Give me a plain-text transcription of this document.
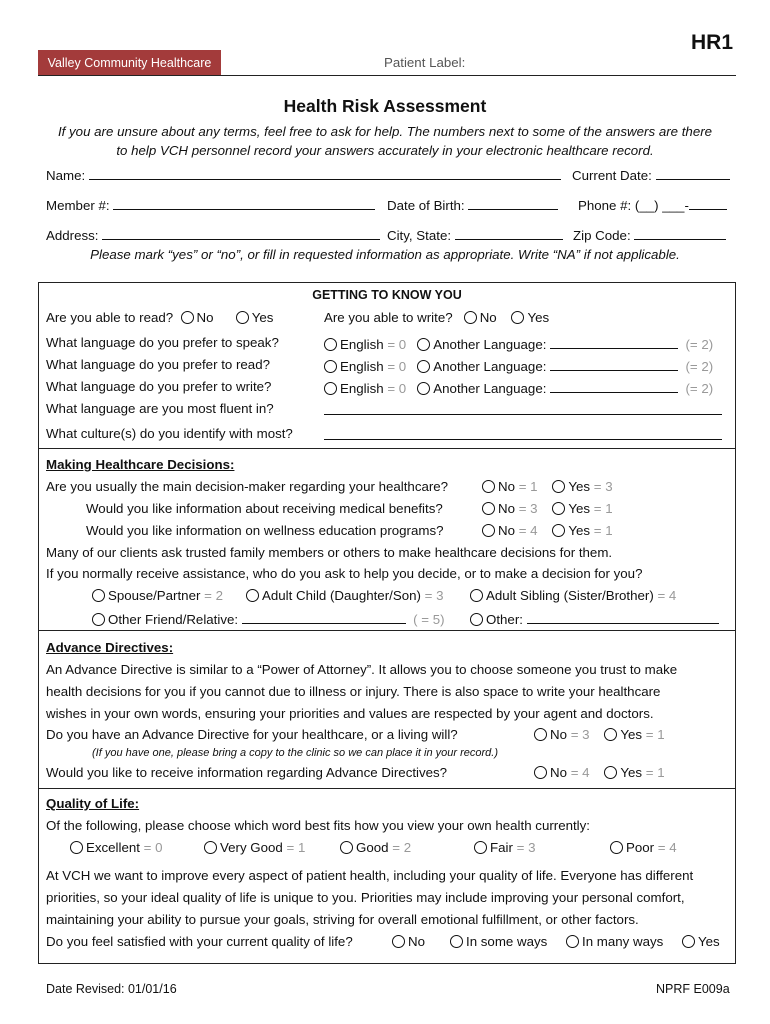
Valley Community Healthcare	Patient Label:
HR1
Health Risk Assessment
If you are unsure about any terms, feel free to ask for help. The numbers next to some of the answers are there
to help VCH personnel record your answers accurately in your electronic healthcare record.
Name:	Current Date:
Member #:	Date of Birth:	Phone #: (__) ___-
Address:	City, State:	Zip Code:
Please mark “yes” or “no”, or fill in requested information as appropriate. Write “NA” if not applicable.
GETTING TO KNOW YOU
Are you able to read? No	Yes	Are you able to write? No Yes
What language do you prefer to speak?	English = 0 Another Language:	(= 2)
What language do you prefer to read?	English = 0 Another Language:	(= 2)
What language do you prefer to write?	English = 0 Another Language:	(= 2)
What language are you most fluent in?
What culture(s) do you identify with most?
Making Healthcare Decisions:
Are you usually the main decision-maker regarding your healthcare?	No = 1 Yes = 3
Would you like information about receiving medical benefits?	No = 3 Yes = 1
Would you like information on wellness education programs?	No = 4 Yes = 1
Many of our clients ask trusted family members or others to make healthcare decisions for them.
If you normally receive assistance, who do you ask to help you decide, or to make a decision for you?
Spouse/Partner = 2	Adult Child (Daughter/Son) = 3	Adult Sibling (Sister/Brother) = 4
Other Friend/Relative:	( = 5)	Other:
Advance Directives:
An Advance Directive is similar to a “Power of Attorney”. It allows you to choose someone you trust to make
health decisions for you if you cannot due to illness or injury. There is also space to write your healthcare
wishes in your own words, ensuring your priorities and values are respected by your agent and doctors.
Do you have an Advance Directive for your healthcare, or a living will?	No = 3 Yes = 1
(If you have one, please bring a copy to the clinic so we can place it in your record.)
Would you like to receive information regarding Advance Directives?	No = 4 Yes = 1
Quality of Life:
Of the following, please choose which word best fits how you view your own health currently:
Excellent = 0	Very Good = 1	Good = 2	Fair = 3	Poor = 4
At VCH we want to improve every aspect of patient health, including your quality of life. Everyone has different
priorities, so your ideal quality of life is unique to you. Priorities may include improving your personal comfort,
maintaining your ability to pursue your goals, striving for overall emotional fulfillment, or other factors.
Do you feel satisfied with your current quality of life?	No	In some ways	In many ways	Yes
Date Revised: 01/01/16	NPRF E009a
